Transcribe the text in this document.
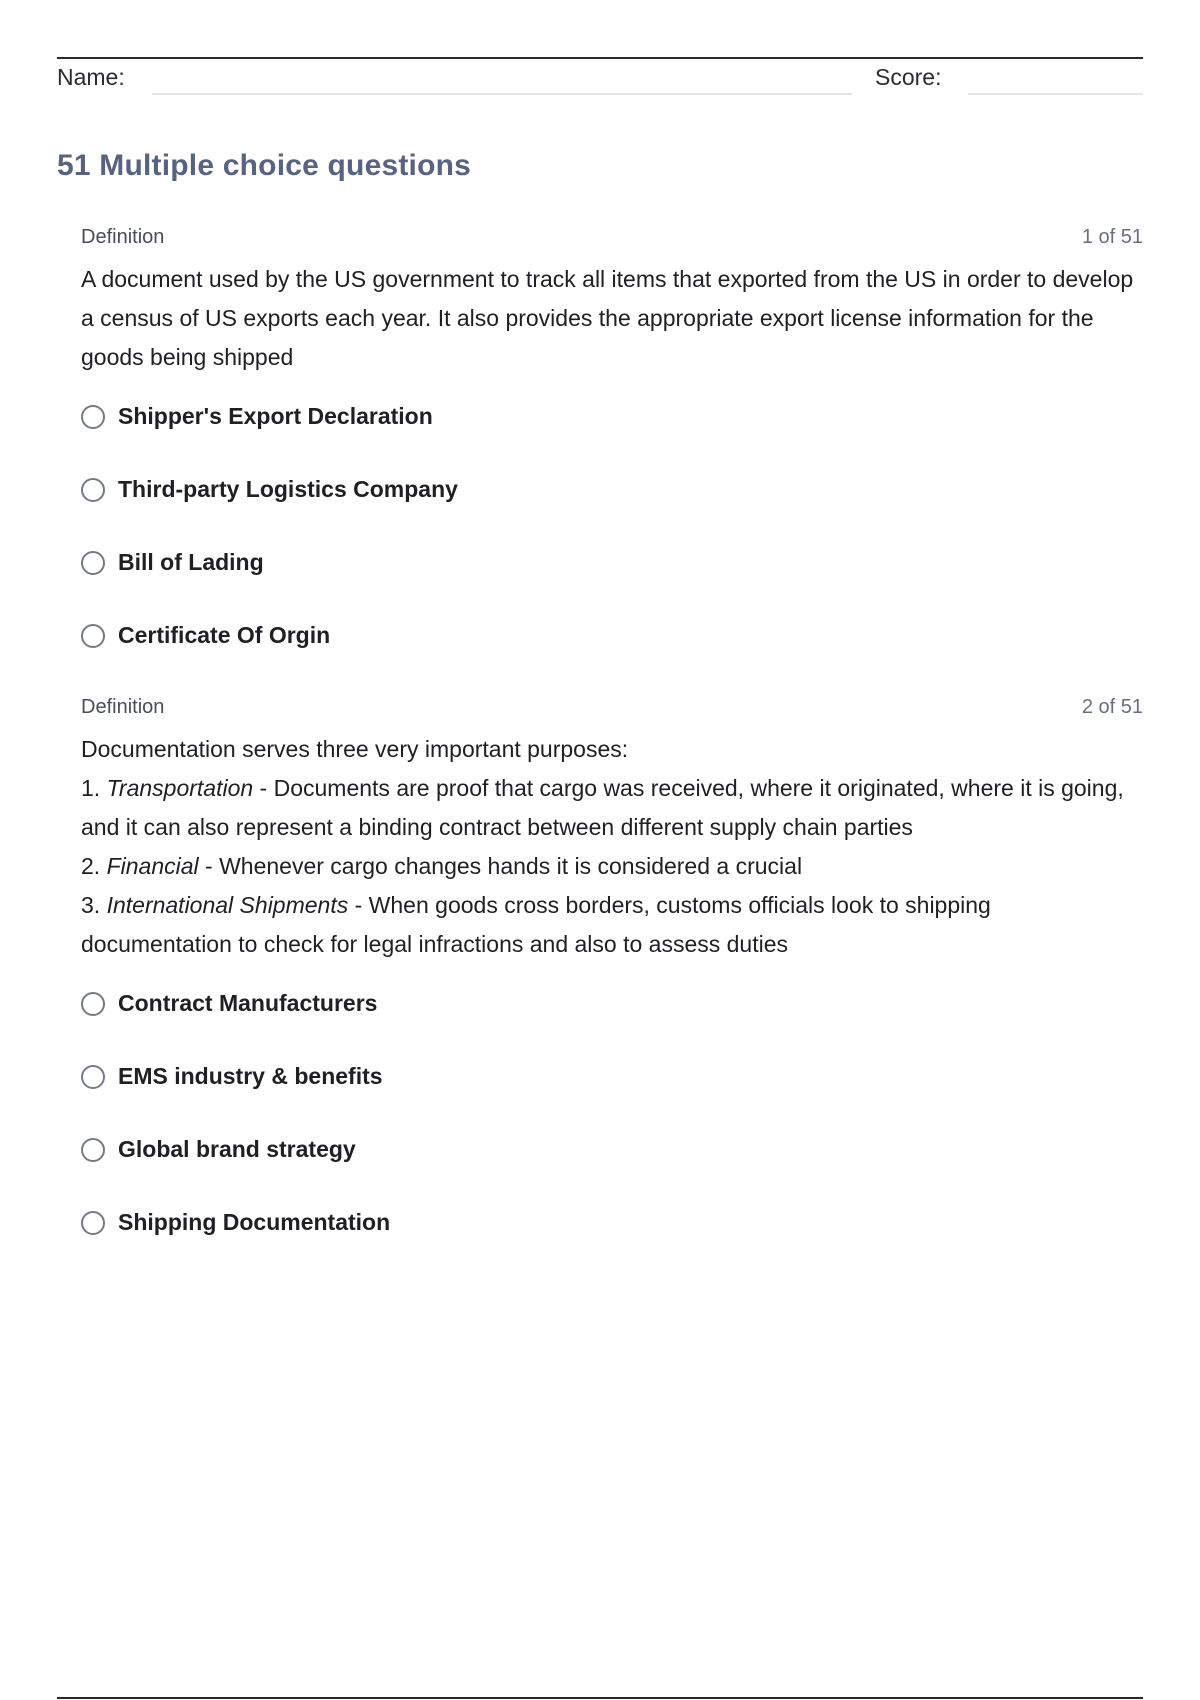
Name:	Score:
51 Multiple choice questions
Definition	1 of 51

A document used by the US government to track all items that exported from the US in order to develop a census of US exports each year. It also provides the appropriate export license information for the goods being shipped

Shipper's Export Declaration
Third-party Logistics Company
Bill of Lading
Certificate Of Orgin
Definition	2 of 51

Documentation serves three very important purposes:

1. Transportation - Documents are proof that cargo was received, where it originated, where it is going, and it can also represent a binding contract between different supply chain parties

2. Financial - Whenever cargo changes hands it is considered a crucial

3. International Shipments - When goods cross borders, customs officials look to shipping documentation to check for legal infractions and also to assess duties

Contract Manufacturers
EMS industry & benefits
Global brand strategy
Shipping Documentation
